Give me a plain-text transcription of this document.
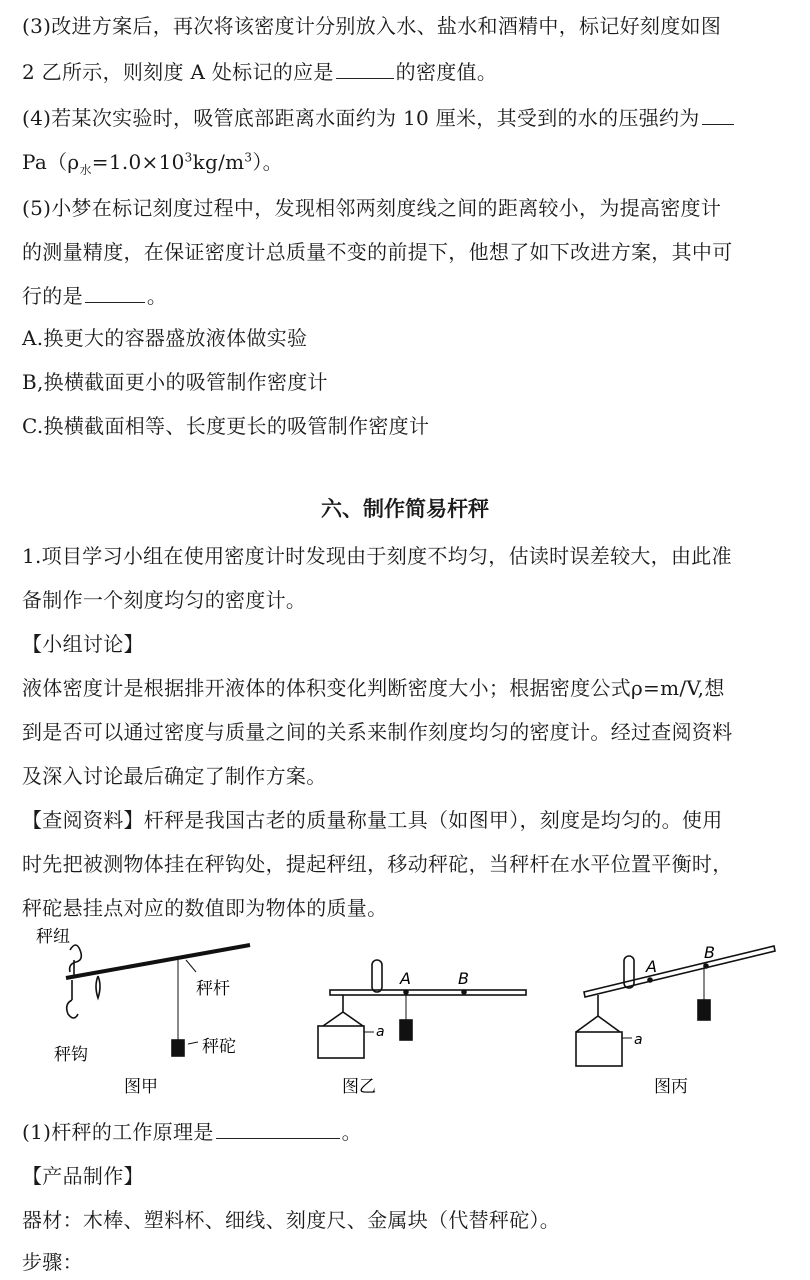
(3)改进方案后，再次将该密度计分别放入水、盐水和酒精中，标记好刻度如图
2 乙所示，则刻度 A 处标记的应是	的密度值。
(4)若某次实验时，吸管底部距离水面约为 10 厘米，其受到的水的压强约为
$Pa(\rho_水=1.0\times 10^3kg/m^3)$。
(5)小梦在标记刻度过程中，发现相邻两刻度线之间的距离较小，为提高密度计
的测量精度，在保证密度计总质量不变的前提下，他想了如下改进方案，其中可
行的是	。
A.换更大的容器盛放液体做实验
B,换横截面更小的吸管制作密度计
C.换横截面相等、长度更长的吸管制作密度计
六、制作简易杆秤
1.项目学习小组在使用密度计时发现由于刻度不均匀，估读时误差较大，由此准
备制作一个刻度均匀的密度计。
【小组讨论】
液体密度计是根据排开液体的体积变化判断密度大小；根据密度公式ρ=m/V,想
到是否可以通过密度与质量之间的关系来制作刻度均匀的密度计。经过查阅资料
及深入讨论最后确定了制作方案。
【查阅资料】杆秤是我国古老的质量称量工具（如图甲），刻度是均匀的。使用
时先把被测物体挂在秤钩处，提起秤纽，移动秤砣，当秤杆在水平位置平衡时，
秤砣悬挂点对应的数值即为物体的质量。
秤纽
秤杆
秤钩	秤砣
图甲
A	B
a
图乙
A
B
a
图丙
(1)杆秤的工作原理是	。
【产品制作】
器材：木棒、塑料杯、细线、刻度尺、金属块（代替秤砣）。
步骤：
